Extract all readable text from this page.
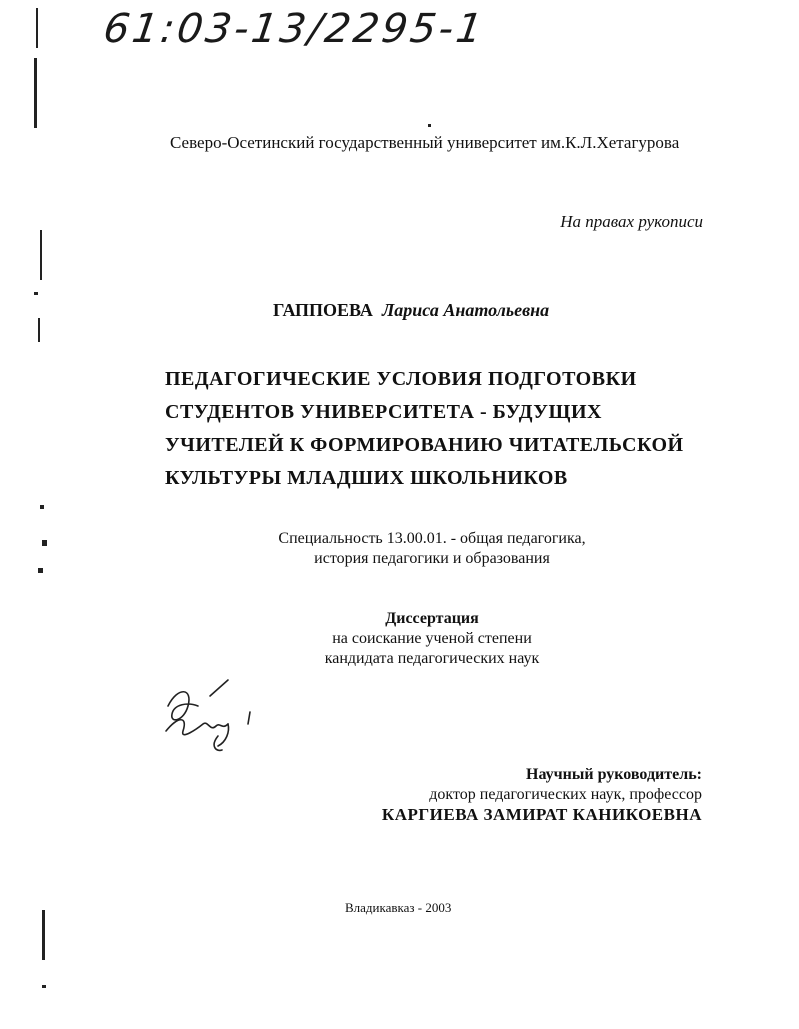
61:03-13/2295-1

Северо-Осетинский государственный университет им.К.Л.Хетагурова

На правах рукописи

ГАППОЕВА Лариса Анатольевна

ПЕДАГОГИЧЕСКИЕ УСЛОВИЯ ПОДГОТОВКИ
СТУДЕНТОВ УНИВЕРСИТЕТА - БУДУЩИХ
УЧИТЕЛЕЙ К ФОРМИРОВАНИЮ ЧИТАТЕЛЬСКОЙ
КУЛЬТУРЫ МЛАДШИХ ШКОЛЬНИКОВ
Специальность 13.00.01. - общая педагогика,
история педагогики и образования
Диссертация
на соискание ученой степени
кандидата педагогических наук
Научный руководитель:
доктор педагогических наук, профессор
КАРГИЕВА ЗАМИРАТ КАНИКОЕВНА

Владикавказ - 2003
